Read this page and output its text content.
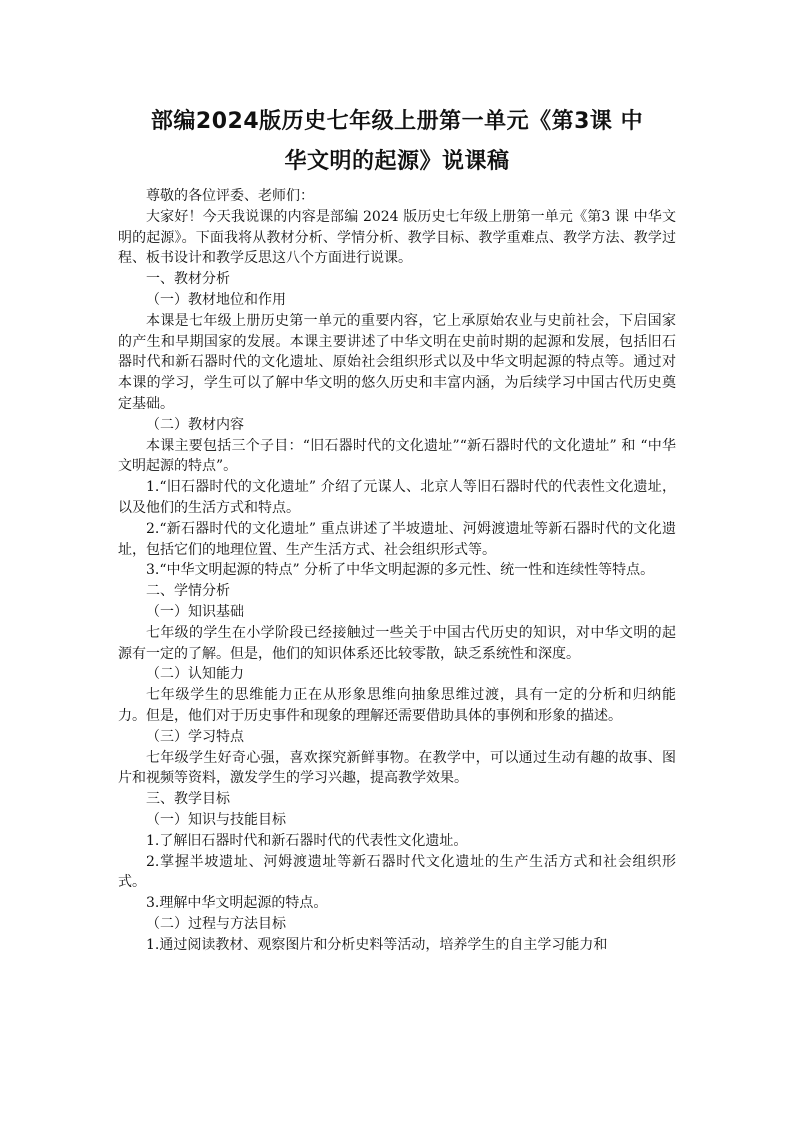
部编2024版历史七年级上册第一单元《第3课 中
华文明的起源》说课稿

尊敬的各位评委、老师们：

大家好！今天我说课的内容是部编 2024 版历史七年级上册第一单元《第3 课 中华文明的起源》。下面我将从教材分析、学情分析、教学目标、教学重难点、教学方法、教学过程、板书设计和教学反思这八个方面进行说课。

一、教材分析

（一）教材地位和作用

本课是七年级上册历史第一单元的重要内容，它上承原始农业与史前社会，下启国家的产生和早期国家的发展。本课主要讲述了中华文明在史前时期的起源和发展，包括旧石器时代和新石器时代的文化遗址、原始社会组织形式以及中华文明起源的特点等。通过对本课的学习，学生可以了解中华文明的悠久历史和丰富内涵，为后续学习中国古代历史奠定基础。

（二）教材内容

本课主要包括三个子目：“旧石器时代的文化遗址”“新石器时代的文化遗址” 和 “中华文明起源的特点”。

1.“旧石器时代的文化遗址” 介绍了元谋人、北京人等旧石器时代的代表性文化遗址，以及他们的生活方式和特点。

2.“新石器时代的文化遗址” 重点讲述了半坡遗址、河姆渡遗址等新石器时代的文化遗址，包括它们的地理位置、生产生活方式、社会组织形式等。

3.“中华文明起源的特点” 分析了中华文明起源的多元性、统一性和连续性等特点。

二、学情分析

（一）知识基础

七年级的学生在小学阶段已经接触过一些关于中国古代历史的知识，对中华文明的起源有一定的了解。但是，他们的知识体系还比较零散，缺乏系统性和深度。

（二）认知能力

七年级学生的思维能力正在从形象思维向抽象思维过渡，具有一定的分析和归纳能力。但是，他们对于历史事件和现象的理解还需要借助具体的事例和形象的描述。

（三）学习特点

七年级学生好奇心强，喜欢探究新鲜事物。在教学中，可以通过生动有趣的故事、图片和视频等资料，激发学生的学习兴趣，提高教学效果。

三、教学目标

（一）知识与技能目标

1.了解旧石器时代和新石器时代的代表性文化遗址。

2.掌握半坡遗址、河姆渡遗址等新石器时代文化遗址的生产生活方式和社会组织形式。

3.理解中华文明起源的特点。

（二）过程与方法目标

1.通过阅读教材、观察图片和分析史料等活动，培养学生的自主学习能力和
